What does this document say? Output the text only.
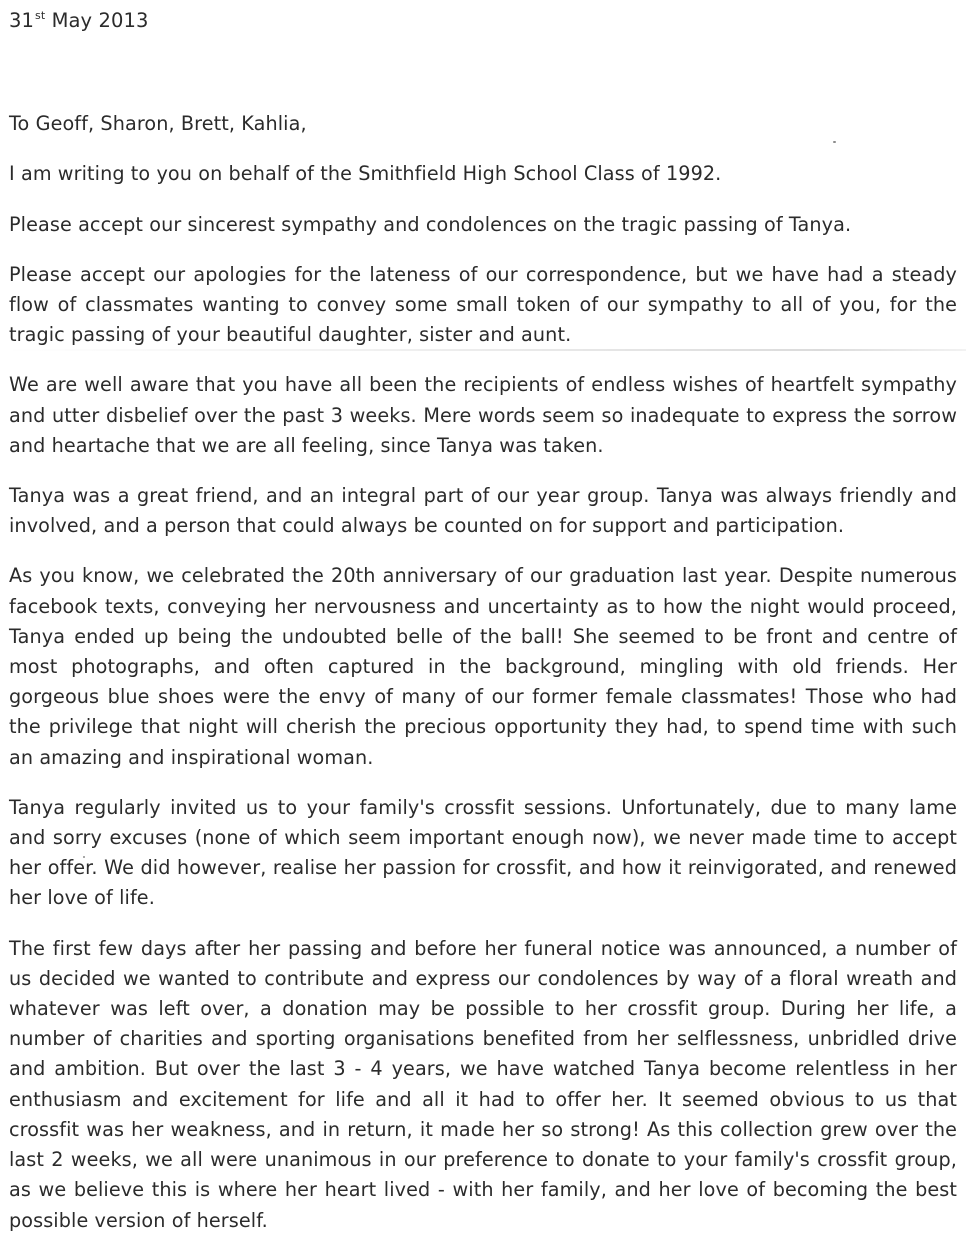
31st May 2013

To Geoff, Sharon, Brett, Kahlia,

I am writing to you on behalf of the Smithfield High School Class of 1992.

Please accept our sincerest sympathy and condolences on the tragic passing of Tanya.

Please accept our apologies for the lateness of our correspondence, but we have had a steady flow of classmates wanting to convey some small token of our sympathy to all of you, for the tragic passing of your beautiful daughter, sister and aunt.

We are well aware that you have all been the recipients of endless wishes of heartfelt sympathy and utter disbelief over the past 3 weeks. Mere words seem so inadequate to express the sorrow and heartache that we are all feeling, since Tanya was taken.

Tanya was a great friend, and an integral part of our year group. Tanya was always friendly and involved, and a person that could always be counted on for support and participation.

As you know, we celebrated the 20th anniversary of our graduation last year. Despite numerous facebook texts, conveying her nervousness and uncertainty as to how the night would proceed, Tanya ended up being the undoubted belle of the ball! She seemed to be front and centre of most photographs, and often captured in the background, mingling with old friends. Her gorgeous blue shoes were the envy of many of our former female classmates! Those who had the privilege that night will cherish the precious opportunity they had, to spend time with such an amazing and inspirational woman.

Tanya regularly invited us to your family's crossfit sessions. Unfortunately, due to many lame and sorry excuses (none of which seem important enough now), we never made time to accept her offer. We did however, realise her passion for crossfit, and how it reinvigorated, and renewed her love of life.

The first few days after her passing and before her funeral notice was announced, a number of us decided we wanted to contribute and express our condolences by way of a floral wreath and whatever was left over, a donation may be possible to her crossfit group. During her life, a number of charities and sporting organisations benefited from her selflessness, unbridled drive and ambition. But over the last 3 - 4 years, we have watched Tanya become relentless in her enthusiasm and excitement for life and all it had to offer her. It seemed obvious to us that crossfit was her weakness, and in return, it made her so strong! As this collection grew over the last 2 weeks, we all were unanimous in our preference to donate to your family's crossfit group, as we believe this is where her heart lived - with her family, and her love of becoming the best possible version of herself.
